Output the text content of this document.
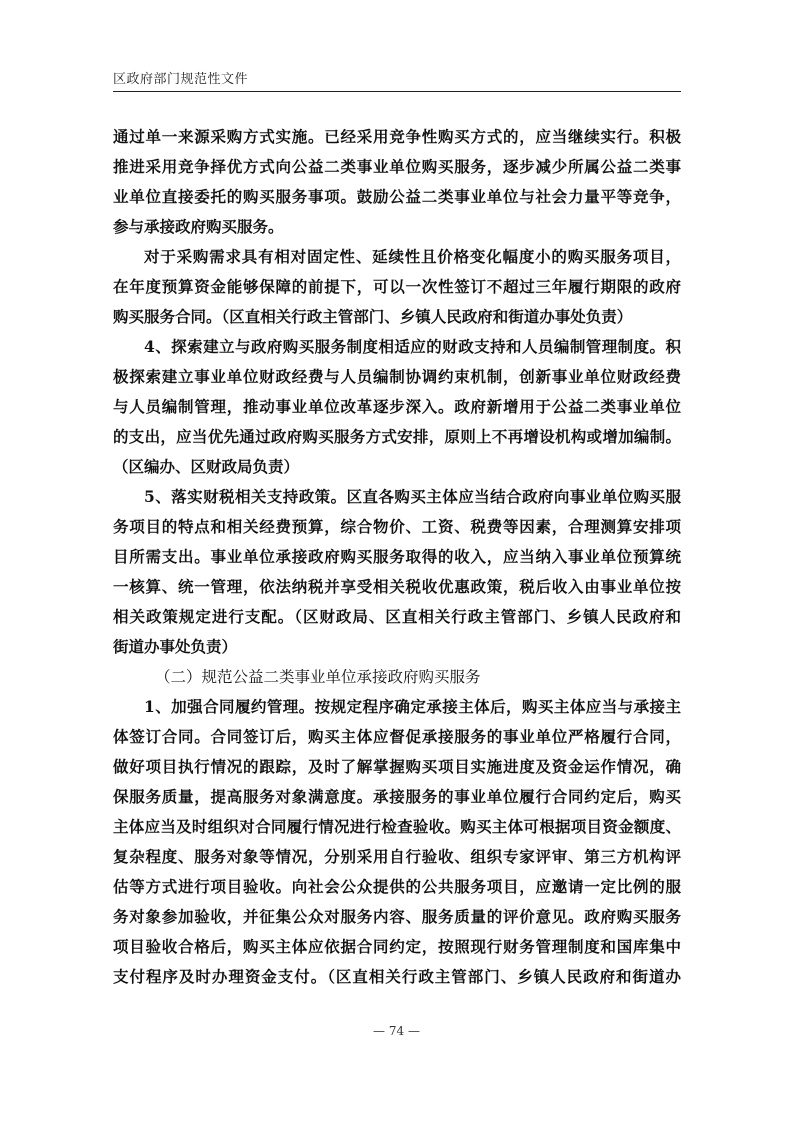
区政府部门规范性文件
通过单一来源采购方式实施。已经采用竞争性购买方式的，应当继续实行。积极
推进采用竞争择优方式向公益二类事业单位购买服务，逐步减少所属公益二类事
业单位直接委托的购买服务事项。鼓励公益二类事业单位与社会力量平等竞争，
参与承接政府购买服务。
对于采购需求具有相对固定性、延续性且价格变化幅度小的购买服务项目，
在年度预算资金能够保障的前提下，可以一次性签订不超过三年履行期限的政府
购买服务合同。（区直相关行政主管部门、乡镇人民政府和街道办事处负责）
4、探索建立与政府购买服务制度相适应的财政支持和人员编制管理制度。积
极探索建立事业单位财政经费与人员编制协调约束机制，创新事业单位财政经费
与人员编制管理，推动事业单位改革逐步深入。政府新增用于公益二类事业单位
的支出，应当优先通过政府购买服务方式安排，原则上不再增设机构或增加编制。
（区编办、区财政局负责）
5、落实财税相关支持政策。区直各购买主体应当结合政府向事业单位购买服
务项目的特点和相关经费预算，综合物价、工资、税费等因素，合理测算安排项
目所需支出。事业单位承接政府购买服务取得的收入，应当纳入事业单位预算统
一核算、统一管理，依法纳税并享受相关税收优惠政策，税后收入由事业单位按
相关政策规定进行支配。（区财政局、区直相关行政主管部门、乡镇人民政府和
街道办事处负责）
（二）规范公益二类事业单位承接政府购买服务
1、加强合同履约管理。按规定程序确定承接主体后，购买主体应当与承接主
体签订合同。合同签订后，购买主体应督促承接服务的事业单位严格履行合同，
做好项目执行情况的跟踪，及时了解掌握购买项目实施进度及资金运作情况，确
保服务质量，提高服务对象满意度。承接服务的事业单位履行合同约定后，购买
主体应当及时组织对合同履行情况进行检查验收。购买主体可根据项目资金额度、
复杂程度、服务对象等情况，分别采用自行验收、组织专家评审、第三方机构评
估等方式进行项目验收。向社会公众提供的公共服务项目，应邀请一定比例的服
务对象参加验收，并征集公众对服务内容、服务质量的评价意见。政府购买服务
项目验收合格后，购买主体应依据合同约定，按照现行财务管理制度和国库集中
支付程序及时办理资金支付。（区直相关行政主管部门、乡镇人民政府和街道办
— 74 —
